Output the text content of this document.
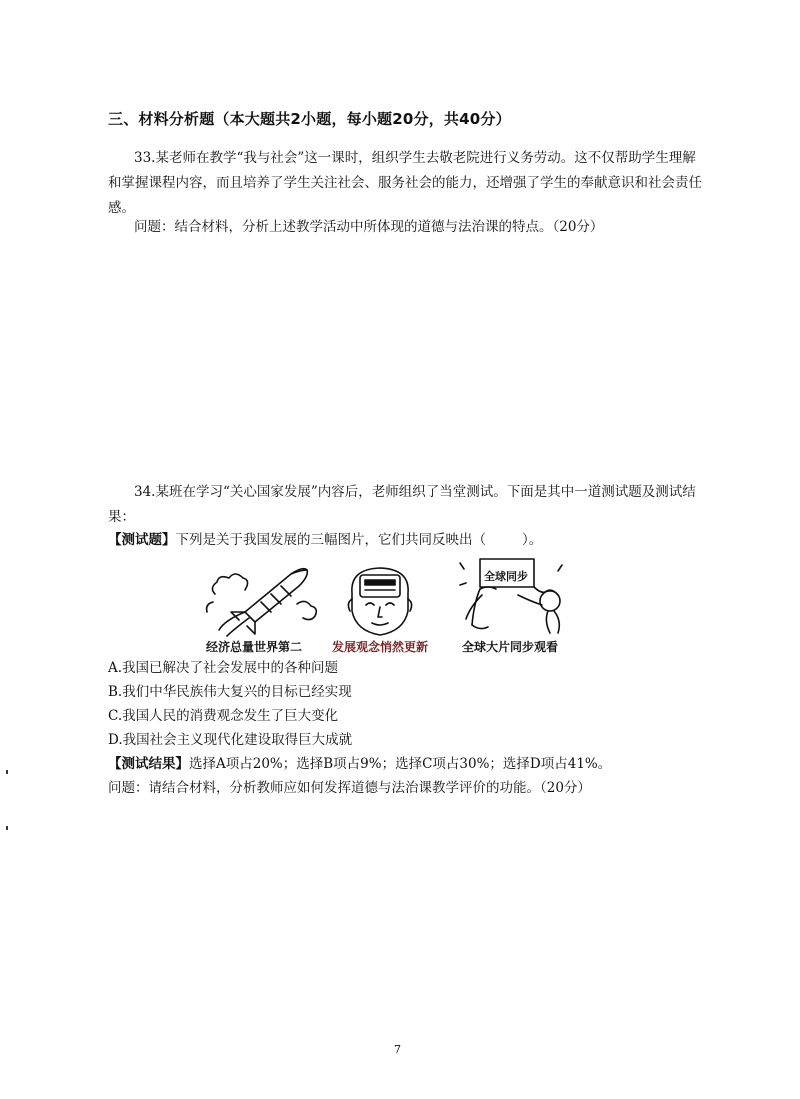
三、材料分析题（本大题共2小题，每小题20分，共40分）
33.某老师在教学“我与社会”这一课时，组织学生去敬老院进行义务劳动。这不仅帮助学生理解和掌握课程内容，而且培养了学生关注社会、服务社会的能力，还增强了学生的奉献意识和社会责任感。
问题：结合材料，分析上述教学活动中所体现的道德与法治课的特点。（20分）
34.某班在学习“关心国家发展”内容后，老师组织了当堂测试。下面是其中一道测试题及测试结果：
【测试题】下列是关于我国发展的三幅图片，它们共同反映出（	）。
全球同步
经济总量世界第二 发展观念悄然更新	全球大片同步观看
A.我国已解决了社会发展中的各种问题
B.我们中华民族伟大复兴的目标已经实现
C.我国人民的消费观念发生了巨大变化
D.我国社会主义现代化建设取得巨大成就
【测试结果】选择A项占20%；选择B项占9%；选择C项占30%；选择D项占41%。
问题：请结合材料，分析教师应如何发挥道德与法治课教学评价的功能。（20分）
7
